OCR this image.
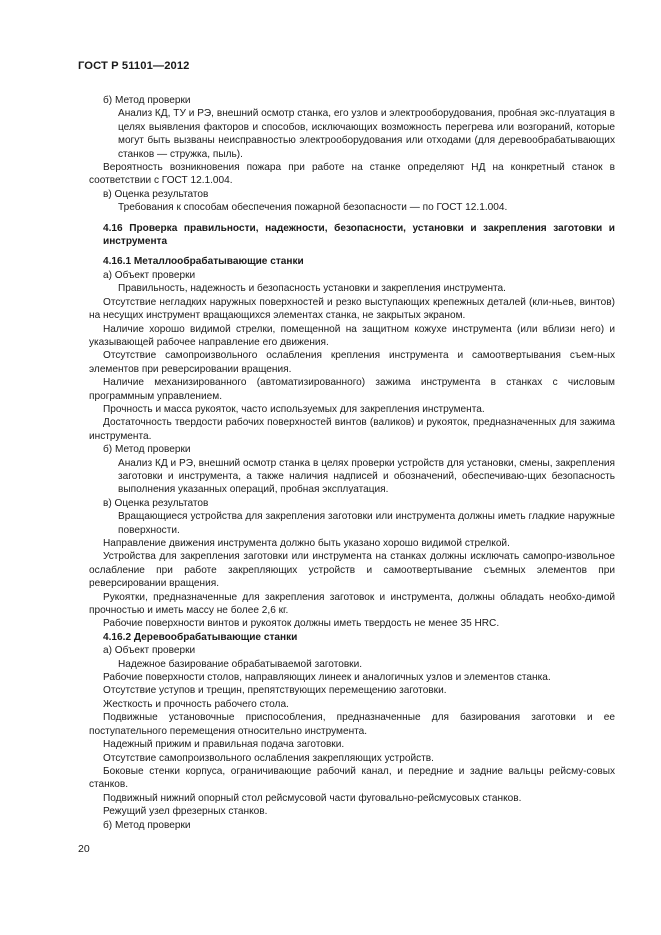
ГОСТ Р 51101—2012

б) Метод проверки

Анализ КД, ТУ и РЭ, внешний осмотр станка, его узлов и электрооборудования, пробная экс-плуатация в целях выявления факторов и способов, исключающих возможность перегрева или возгораний, которые могут быть вызваны неисправностью электрооборудования или отходами (для деревообрабатывающих станков — стружка, пыль).

Вероятность возникновения пожара при работе на станке определяют НД на конкретный станок в соответствии с ГОСТ 12.1.004.

в) Оценка результатов

Требования к способам обеспечения пожарной безопасности — по ГОСТ 12.1.004.

4.16 Проверка правильности, надежности, безопасности, установки и закрепления заготовки и инструмента

4.16.1 Металлообрабатывающие станки

а) Объект проверки

Правильность, надежность и безопасность установки и закрепления инструмента.

Отсутствие негладких наружных поверхностей и резко выступающих крепежных деталей (кли-ньев, винтов) на несущих инструмент вращающихся элементах станка, не закрытых экраном.

Наличие хорошо видимой стрелки, помещенной на защитном кожухе инструмента (или вблизи него) и указывающей рабочее направление его движения.

Отсутствие самопроизвольного ослабления крепления инструмента и самоотвертывания съем-ных элементов при реверсировании вращения.

Наличие механизированного (автоматизированного) зажима инструмента в станках с числовым программным управлением.

Прочность и масса рукояток, часто используемых для закрепления инструмента.

Достаточность твердости рабочих поверхностей винтов (валиков) и рукояток, предназначенных для зажима инструмента.

б) Метод проверки

Анализ КД и РЭ, внешний осмотр станка в целях проверки устройств для установки, смены, закрепления заготовки и инструмента, а также наличия надписей и обозначений, обеспечиваю-щих безопасность выполнения указанных операций, пробная эксплуатация.

в) Оценка результатов

Вращающиеся устройства для закрепления заготовки или инструмента должны иметь гладкие наружные поверхности.

Направление движения инструмента должно быть указано хорошо видимой стрелкой.

Устройства для закрепления заготовки или инструмента на станках должны исключать самопро-извольное ослабление при работе закрепляющих устройств и самоотвертывание съемных элементов при реверсировании вращения.

Рукоятки, предназначенные для закрепления заготовок и инструмента, должны обладать необхо-димой прочностью и иметь массу не более 2,6 кг.

Рабочие поверхности винтов и рукояток должны иметь твердость не менее 35 HRC.

4.16.2 Деревообрабатывающие станки

а) Объект проверки

Надежное базирование обрабатываемой заготовки.

Рабочие поверхности столов, направляющих линеек и аналогичных узлов и элементов станка.

Отсутствие уступов и трещин, препятствующих перемещению заготовки.

Жесткость и прочность рабочего стола.

Подвижные установочные приспособления, предназначенные для базирования заготовки и ее поступательного перемещения относительно инструмента.

Надежный прижим и правильная подача заготовки.

Отсутствие самопроизвольного ослабления закрепляющих устройств.

Боковые стенки корпуса, ограничивающие рабочий канал, и передние и задние вальцы рейсму-совых станков.

Подвижный нижний опорный стол рейсмусовой части фуговально-рейсмусовых станков.

Режущий узел фрезерных станков.

б) Метод проверки

20
